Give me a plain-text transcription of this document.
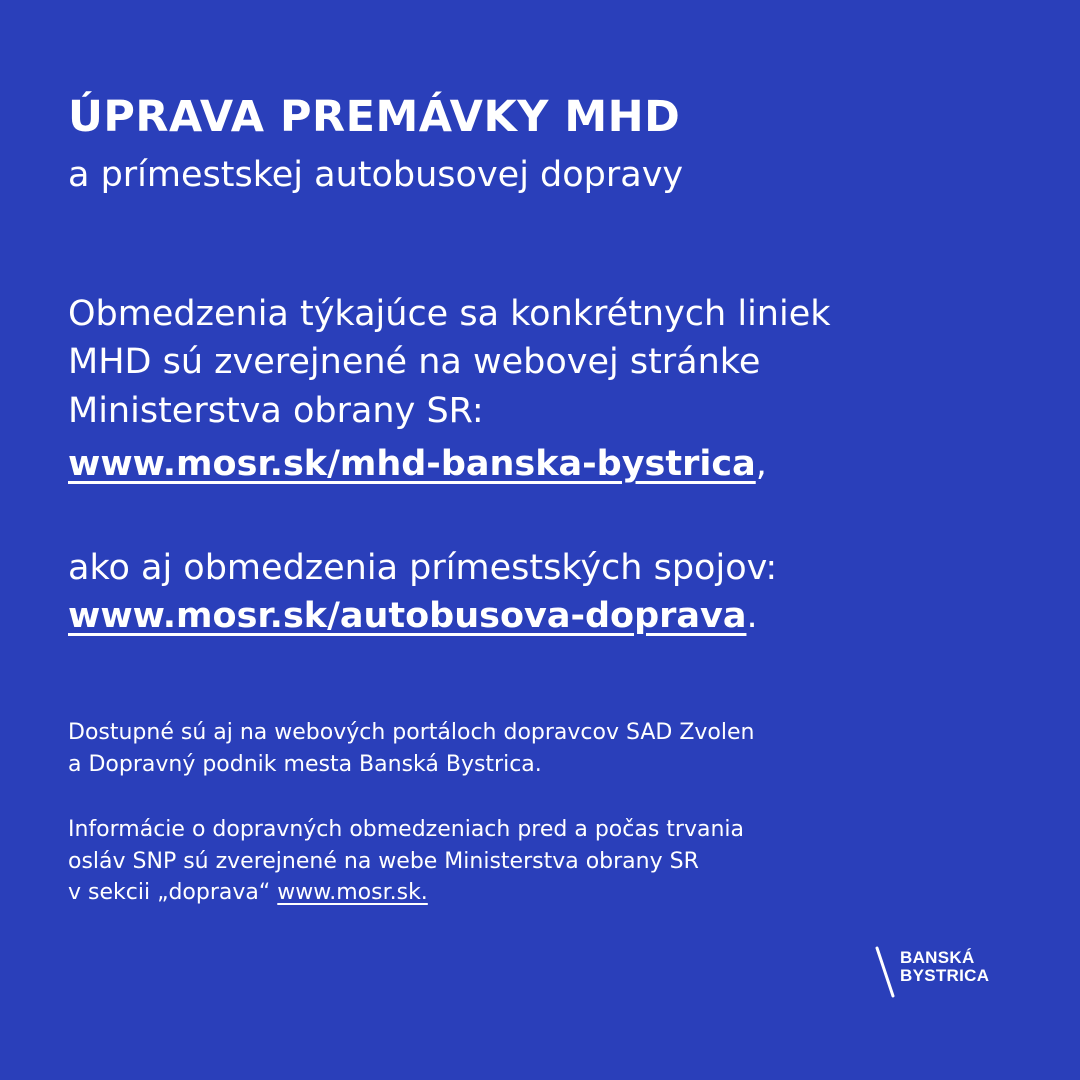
ÚPRAVA PREMÁVKY MHD
a prímestskej autobusovej dopravy

Obmedzenia týkajúce sa konkrétnych liniek

MHD sú zverejnené na webovej stránke

Ministerstva obrany SR:

www.mosr.sk/mhd-banska-bystrica,

ako aj obmedzenia prímestských spojov:

www.mosr.sk/autobusova-doprava.

Dostupné sú aj na webových portáloch dopravcov SAD Zvolen

a Dopravný podnik mesta Banská Bystrica.

Informácie o dopravných obmedzeniach pred a počas trvania

osláv SNP sú zverejnené na webe Ministerstva obrany SR

v sekcii „doprava“ www.mosr.sk.

BANSKÁ
BYSTRICA
